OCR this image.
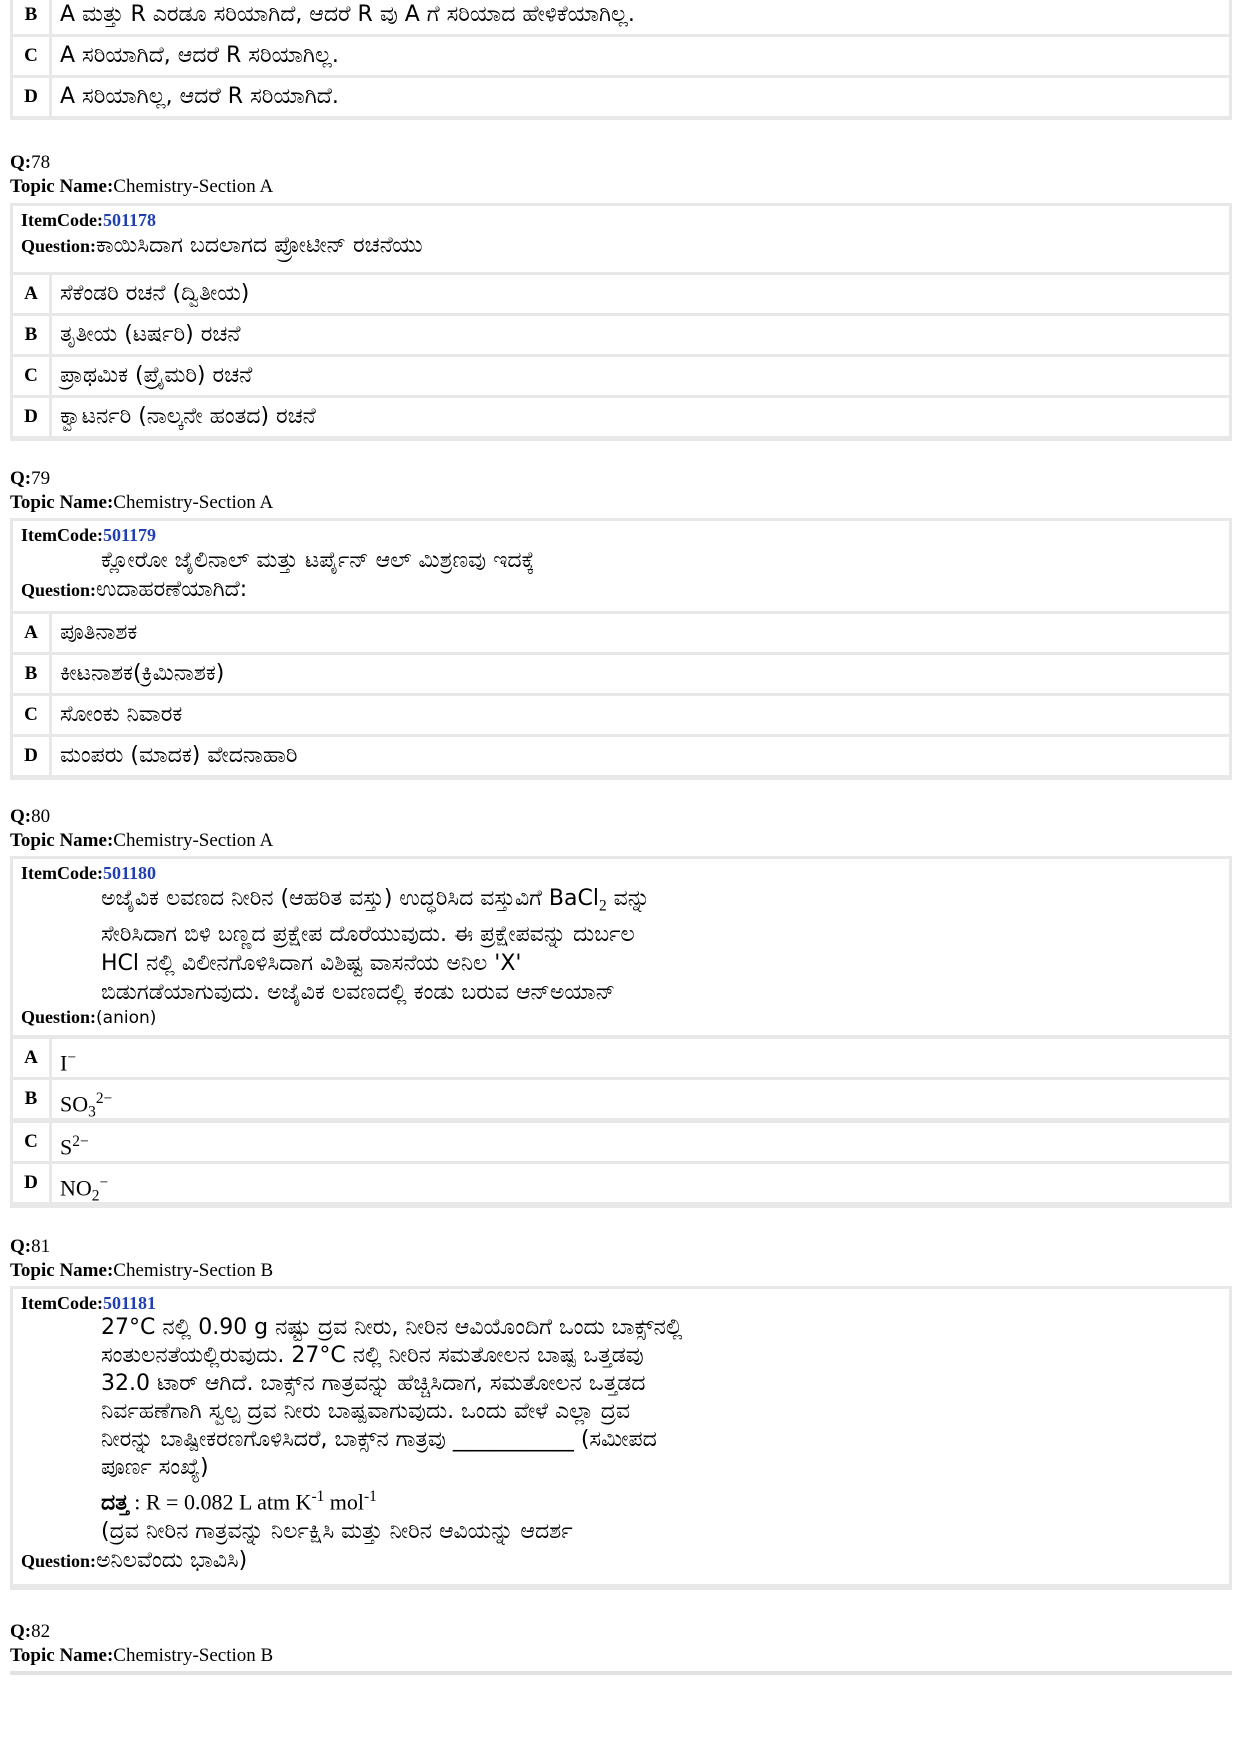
B	A ಮತ್ತು R ಎರಡೂ ಸರಿಯಾಗಿದೆ, ಆದರೆ R ವು A ಗೆ ಸರಿಯಾದ ಹೇಳಿಕೆಯಾಗಿಲ್ಲ.
C	A ಸರಿಯಾಗಿದೆ, ಆದರೆ R ಸರಿಯಾಗಿಲ್ಲ.
D	A ಸರಿಯಾಗಿಲ್ಲ, ಆದರೆ R ಸರಿಯಾಗಿದೆ.
Q:78
Topic Name:Chemistry-Section A
ItemCode:501178
Question:ಕಾಯಿಸಿದಾಗ ಬದಲಾಗದ ಪ್ರೋಟೀನ್ ರಚನೆಯು
A	ಸೆಕೆಂಡರಿ ರಚನೆ (ದ್ವಿತೀಯ)
B	ತೃತೀಯ (ಟರ್ಷರಿ) ರಚನೆ
C	ಪ್ರಾಥಮಿಕ (ಪ್ರೈಮರಿ) ರಚನೆ
D	ಕ್ವಾಟರ್ನರಿ (ನಾಲ್ಕನೇ ಹಂತದ) ರಚನೆ
Q:79
Topic Name:Chemistry-Section A
ItemCode:501179
ಕ್ಲೋರೋ ಜೈಲಿನಾಲ್ ಮತ್ತು ಟರ್ಪೈನ್ ಆಲ್ ಮಿಶ್ರಣವು ಇದಕ್ಕೆ
Question:ಉದಾಹರಣೆಯಾಗಿದೆ:
A	ಪೂತಿನಾಶಕ
B	ಕೀಟನಾಶಕ(ಕ್ರಿಮಿನಾಶಕ)
C	ಸೋಂಕು ನಿವಾರಕ
D	ಮಂಪರು (ಮಾದಕ) ವೇದನಾಹಾರಿ
Q:80
Topic Name:Chemistry-Section A
ItemCode:501180
ಅಜೈವಿಕ ಲವಣದ ನೀರಿನ (ಆಹರಿತ ವಸ್ತು) ಉದ್ಧರಿಸಿದ ವಸ್ತುವಿಗೆ BaCl$_2$ ವನ್ನು
ಸೇರಿಸಿದಾಗ ಬಿಳಿ ಬಣ್ಣದ ಪ್ರಕ್ಷೇಪ ದೊರೆಯುವುದು. ಈ ಪ್ರಕ್ಷೇಪವನ್ನು ದುರ್ಬಲ
HCl ನಲ್ಲಿ ವಿಲೀನಗೊಳಿಸಿದಾಗ ವಿಶಿಷ್ಟ ವಾಸನೆಯ ಅನಿಲ 'X'
ಬಿಡುಗಡೆಯಾಗುವುದು. ಅಜೈವಿಕ ಲವಣದಲ್ಲಿ ಕಂಡು ಬರುವ ಆನ್‌ಅಯಾನ್
Question:(anion)
A	I−
B	$SO_3^{2-}$
C	$S^{2-}$
D	$NO_2^-$
Q:81
Topic Name:Chemistry-Section B
ItemCode:501181
27°C ನಲ್ಲಿ 0.90 g ನಷ್ಟು ದ್ರವ ನೀರು, ನೀರಿನ ಆವಿಯೊಂದಿಗೆ ಒಂದು ಬಾಕ್ಸ್‌ನಲ್ಲಿ
ಸಂತುಲನತೆಯಲ್ಲಿರುವುದು. 27°C ನಲ್ಲಿ ನೀರಿನ ಸಮತೋಲನ ಬಾಷ್ಪ ಒತ್ತಡವು
32.0 ಟಾರ್ ಆಗಿದೆ. ಬಾಕ್ಸ್‌ನ ಗಾತ್ರವನ್ನು ಹೆಚ್ಚಿಸಿದಾಗ, ಸಮತೋಲನ ಒತ್ತಡದ
ನಿರ್ವಹಣೆಗಾಗಿ ಸ್ವಲ್ಪ ದ್ರವ ನೀರು ಬಾಷ್ಪವಾಗುವುದು. ಒಂದು ವೇಳೆ ಎಲ್ಲಾ ದ್ರವ
ನೀರನ್ನು ಬಾಷ್ಪೀಕರಣಗೊಳಿಸಿದರೆ, ಬಾಕ್ಸ್‌ನ ಗಾತ್ರವು ___________ (ಸಮೀಪದ
ಪೂರ್ಣ ಸಂಖ್ಯೆ)
ದತ್ತ : R = 0.082 L atm $K^{-1}$ mol$^{-1}$
(ದ್ರವ ನೀರಿನ ಗಾತ್ರವನ್ನು ನಿರ್ಲಕ್ಷಿಸಿ ಮತ್ತು ನೀರಿನ ಆವಿಯನ್ನು ಆದರ್ಶ
Question:ಅನಿಲವೆಂದು ಭಾವಿಸಿ)
Q:82
Topic Name:Chemistry-Section B
